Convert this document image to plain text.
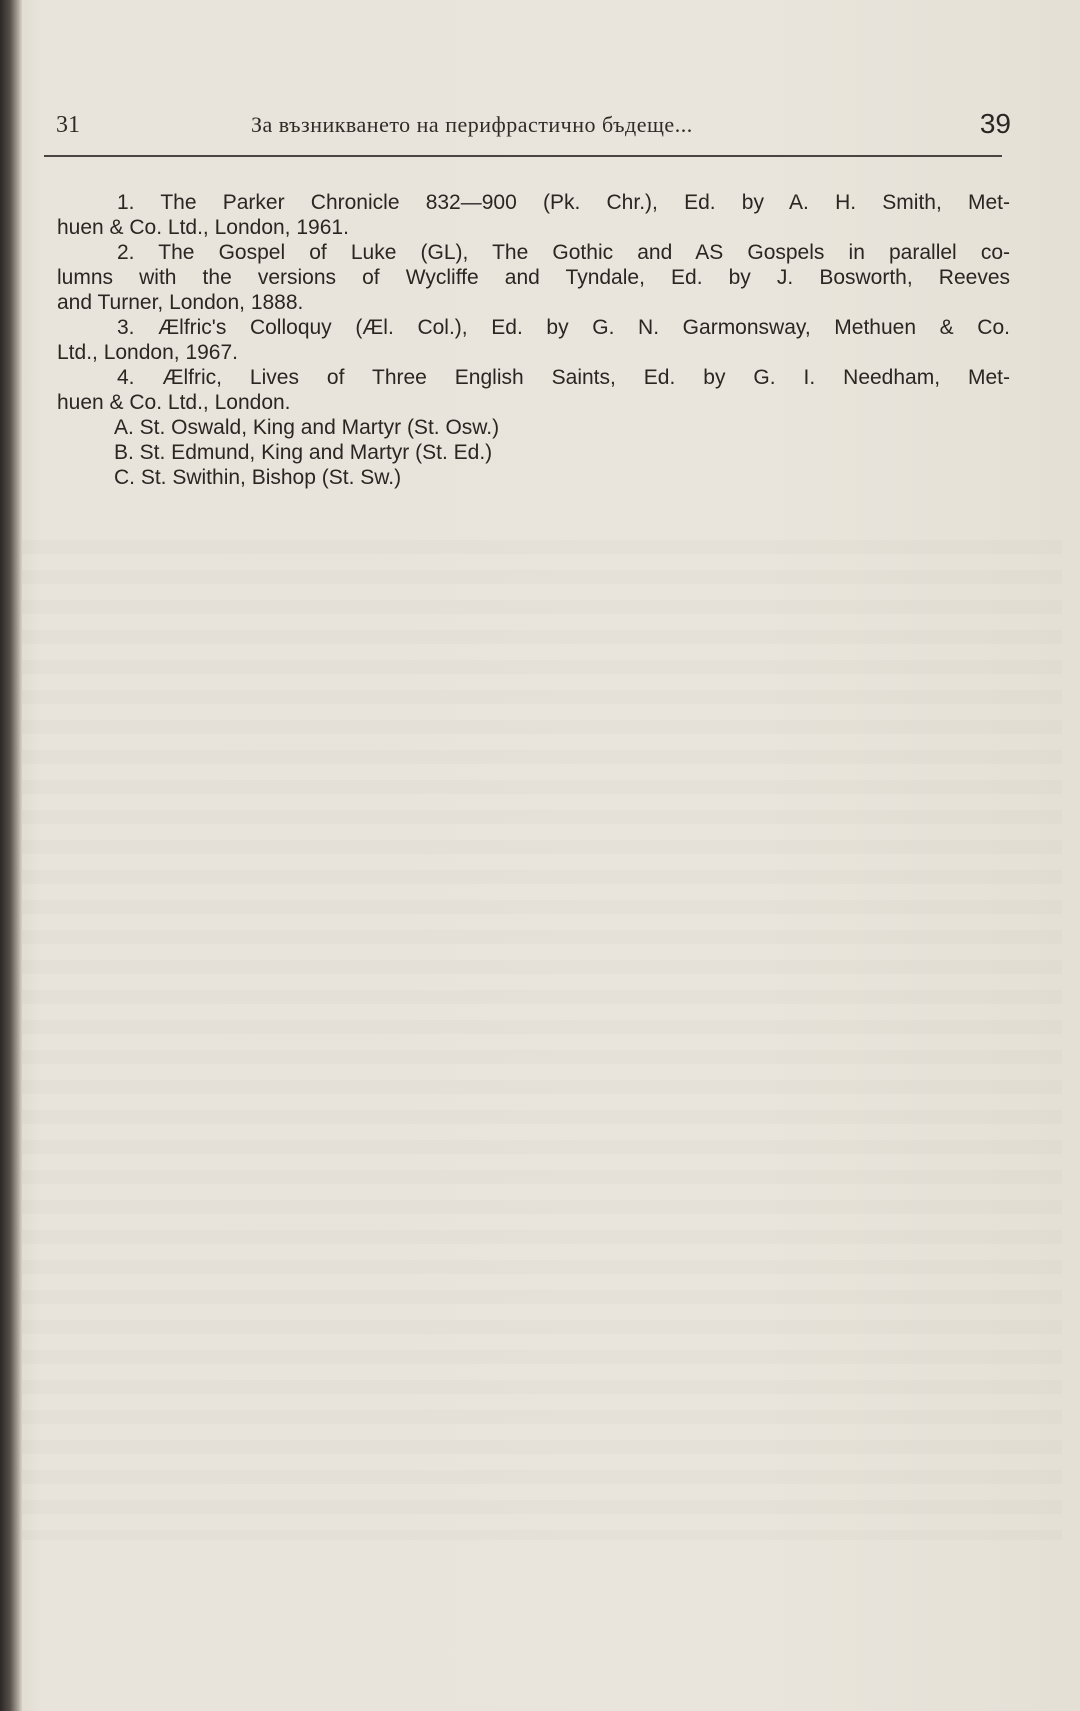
31	За възникването на перифрастично бъдеще...	39

1. The Parker Chronicle 832—900 (Pk. Chr.), Ed. by A. H. Smith, Met-
huen & Co. Ltd., London, 1961.

2. The Gospel of Luke (GL), The Gothic and AS Gospels in parallel co-
lumns with the versions of Wycliffe and Tyndale, Ed. by J. Bosworth, Reeves
and Turner, London, 1888.

3. Ælfric's Colloquy (Æl. Col.), Ed. by G. N. Garmonsway, Methuen & Co.
Ltd., London, 1967.

4. Ælfric, Lives of Three English Saints, Ed. by G. I. Needham, Met-
huen & Co. Ltd., London.
A. St. Oswald, King and Martyr (St. Osw.)
B. St. Edmund, King and Martyr (St. Ed.)
C. St. Swithin, Bishop (St. Sw.)
